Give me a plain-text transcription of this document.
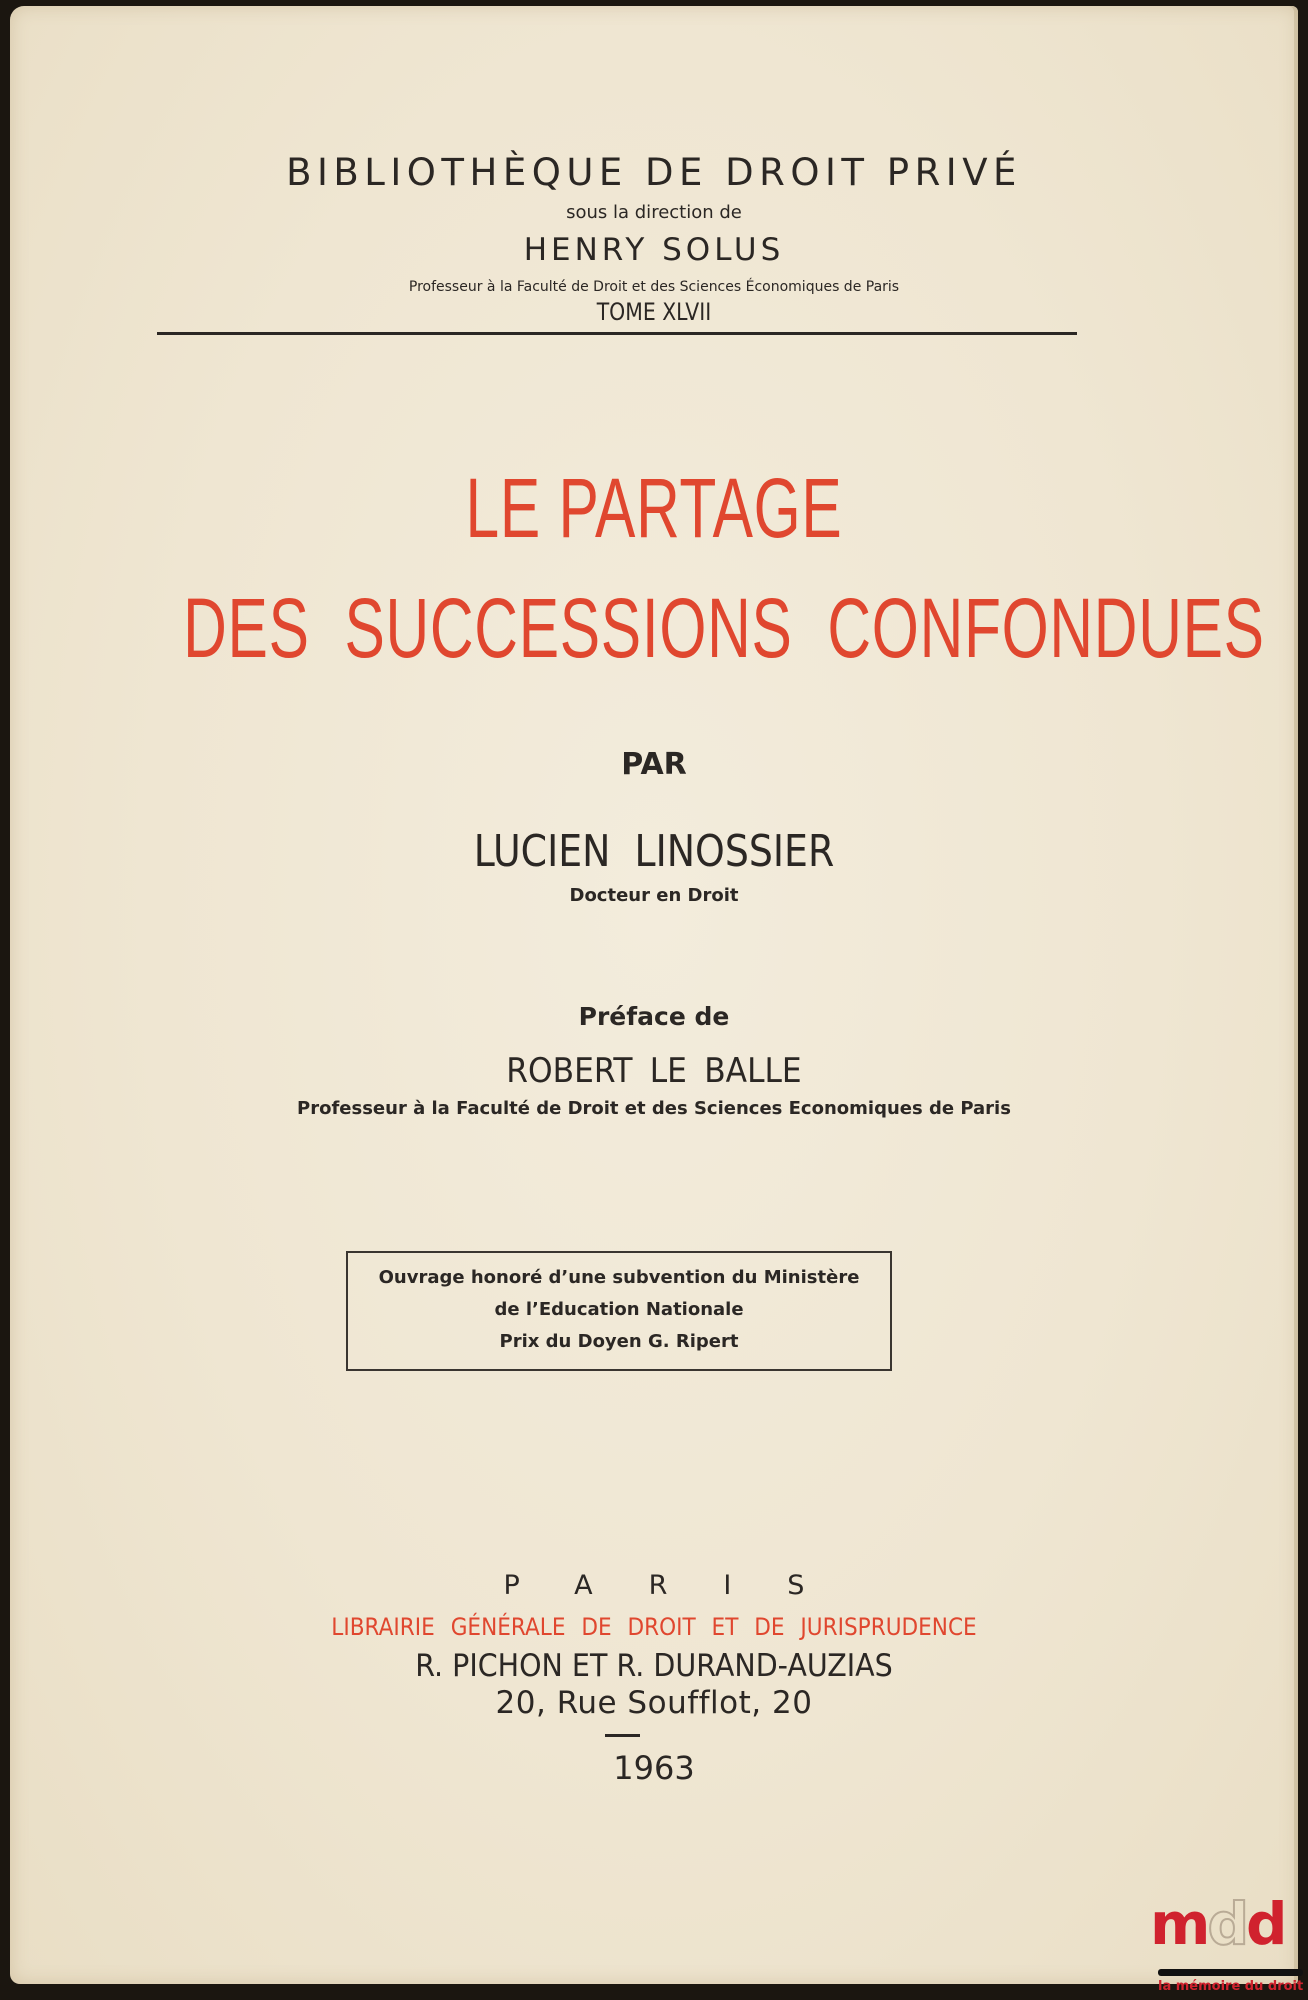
BIBLIOTHÈQUE DE DROIT PRIVÉ
sous la direction de
HENRY SOLUS
Professeur à la Faculté de Droit et des Sciences Économiques de Paris
TOME XLVII
LE PARTAGE
DES SUCCESSIONS CONFONDUES
PAR
LUCIEN LINOSSIER
Docteur en Droit
Préface de
ROBERT LE BALLE
Professeur à la Faculté de Droit et des Sciences Economiques de Paris
Ouvrage honoré d’une subvention du Ministère
de l’Education Nationale
Prix du Doyen G. Ripert
PARIS
LIBRAIRIE GÉNÉRALE DE DROIT ET DE JURISPRUDENCE
R. PICHON ET R. DURAND-AUZIAS
20, Rue Soufflot, 20
1963
mdd
la mémoire du droit
